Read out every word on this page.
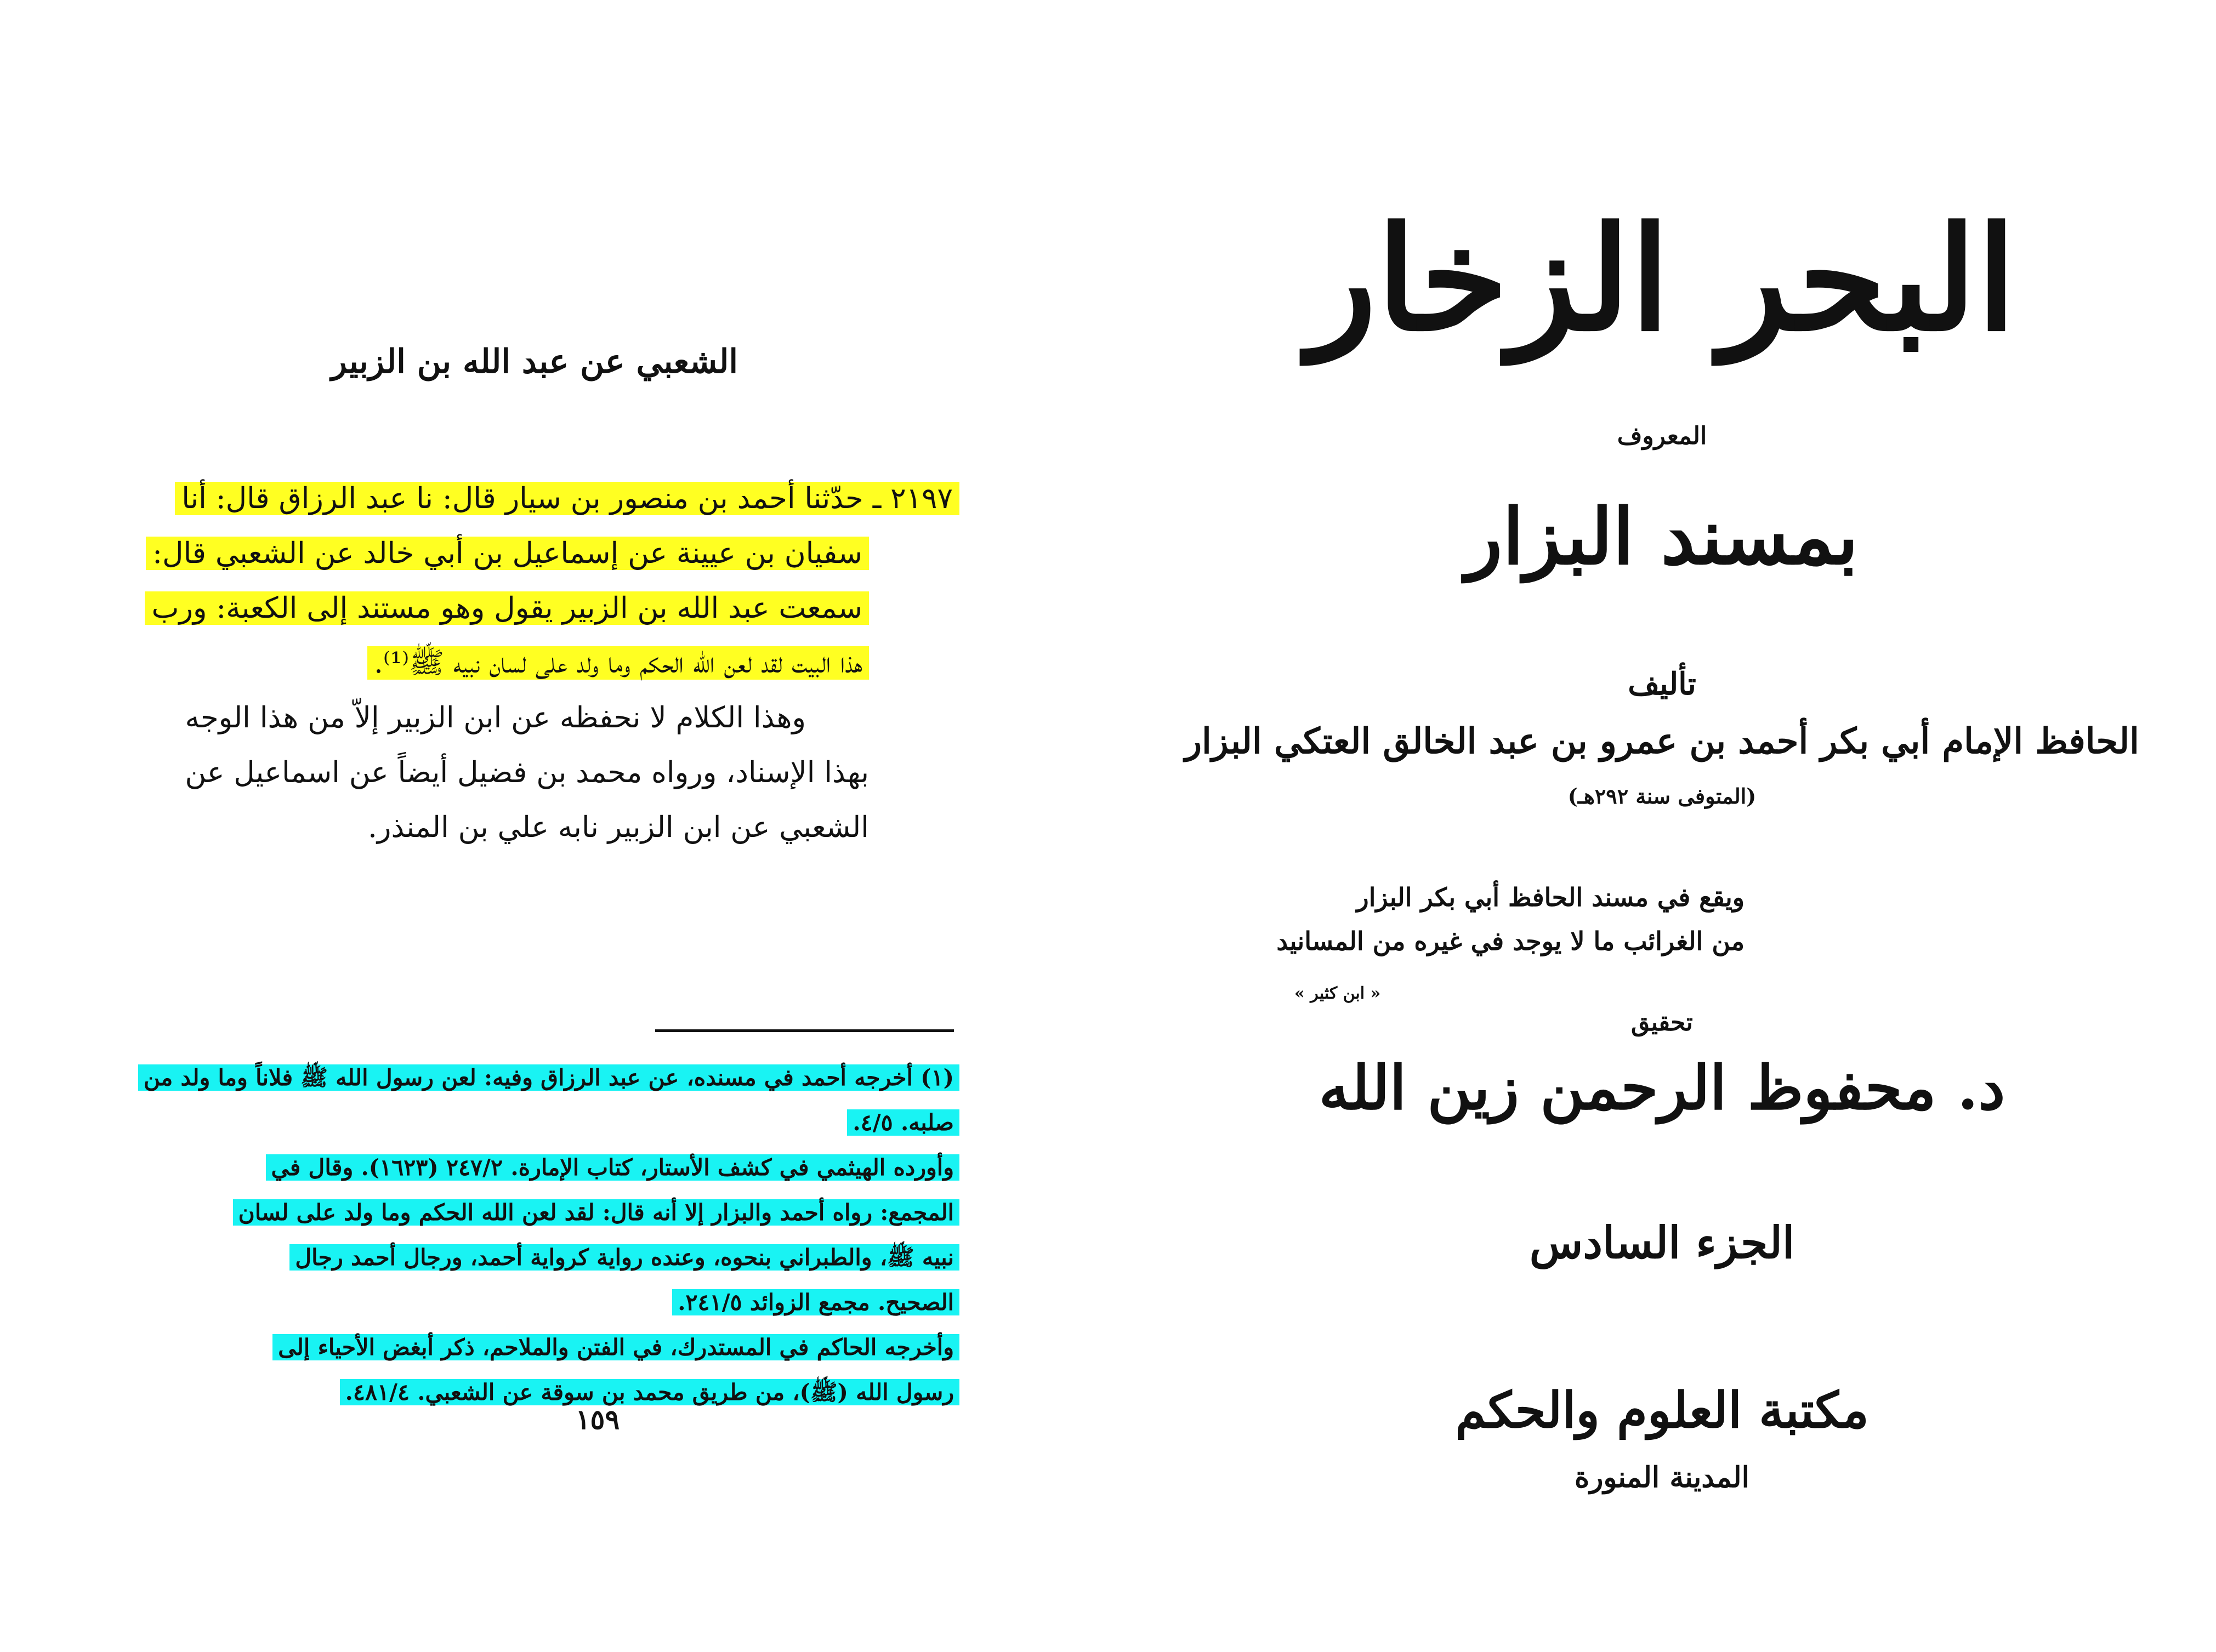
الشعبي عن عبد الله بن الزبير
٢١٩٧ ـ حدّثنا أحمد بن منصور بن سيار قال: نا عبد الرزاق قال: أنا
سفيان بن عيينة عن إسماعيل بن أبي خالد عن الشعبي قال:
سمعت عبد الله بن الزبير يقول وهو مستند إلى الكعبة: ورب
هذا البيت لقد لعن الله الحكم وما ولد على لسان نبيه ﷺ⁽¹⁾.
وهذا الكلام لا نحفظه عن ابن الزبير إلاّ من هذا الوجه
بهذا الإسناد، ورواه محمد بن فضيل أيضاً عن اسماعيل عن
الشعبي عن ابن الزبير نابه علي بن المنذر.
(١) أخرجه أحمد في مسنده، عن عبد الرزاق وفيه: لعن رسول الله ﷺ فلاناً وما ولد من
صلبه. ٤/٥.
وأورده الهيثمي في كشف الأستار، كتاب الإمارة. ٢٤٧/٢ (١٦٢٣). وقال في
المجمع: رواه أحمد والبزار إلا أنه قال: لقد لعن الله الحكم وما ولد على لسان
نبيه ﷺ، والطبراني بنحوه، وعنده رواية كرواية أحمد، ورجال أحمد رجال
الصحيح. مجمع الزوائد ٢٤١/٥.
وأخرجه الحاكم في المستدرك، في الفتن والملاحم، ذكر أبغض الأحياء إلى
رسول الله (ﷺ)، من طريق محمد بن سوقة عن الشعبي. ٤٨١/٤.
١٥٩
البحر الزخار
المعروف
بمسند البزار
تأليف
الحافظ الإمام أبي بكر أحمد بن عمرو بن عبد الخالق العتكي البزار
(المتوفى سنة ٢٩٢هـ)
ويقع في مسند الحافظ أبي بكر البزار
من الغرائب ما لا يوجد في غيره من المسانيد
« ابن كثير »
تحقيق
د. محفوظ الرحمن زين الله
الجزء السادس
مكتبة العلوم والحكم
المدينة المنورة
